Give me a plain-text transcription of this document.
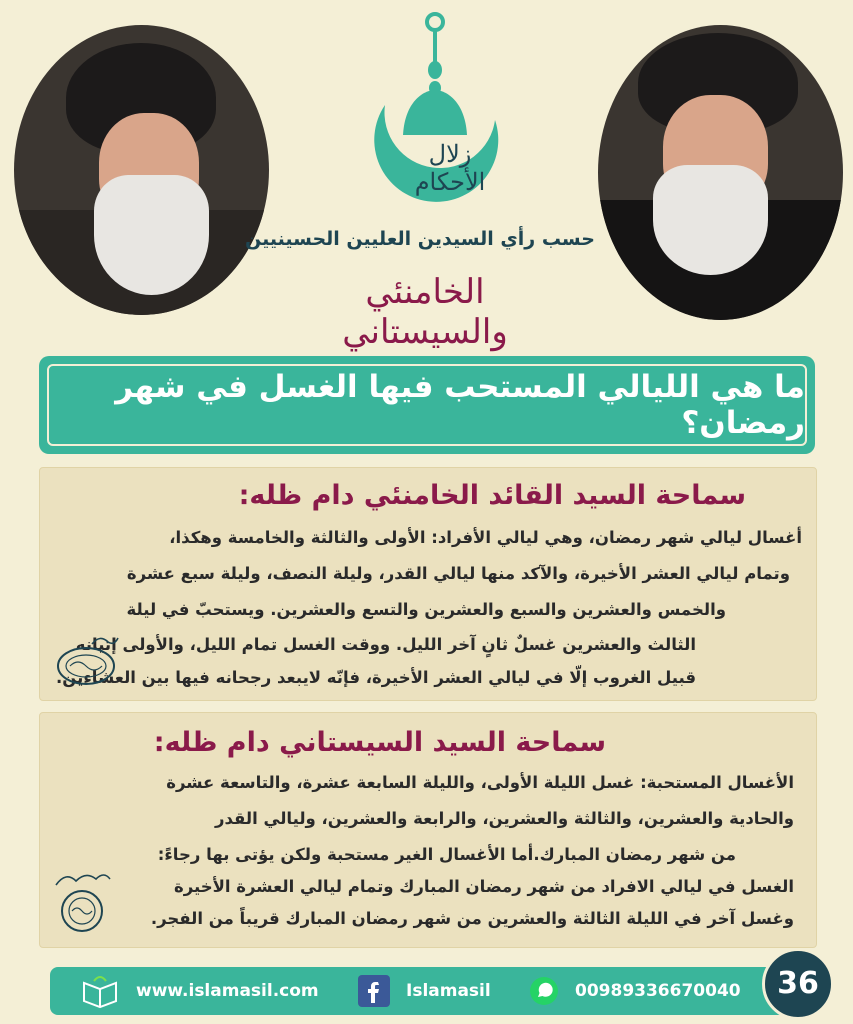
زلال الأحكام
حسب رأي السيدين العليين الحسينيين
الخامنئي والسيستاني
ما هي الليالي المستحب فيها الغسل في شهر رمضان؟
سماحة السيد القائد الخامنئي دام ظله:
أغسال ليالي شهر رمضان، وهي ليالي الأفراد: الأولى والثالثة والخامسة وهكذا،
وتمام ليالي العشر الأخيرة، والآكد منها ليالي القدر، وليلة النصف، وليلة سبع عشرة
والخمس والعشرين والسبع والعشرين والتسع والعشرين. ويستحبّ في ليلة
الثالث والعشرين غسلٌ ثانٍ آخر الليل. ووقت الغسل تمام الليل، والأولى إتيانه
قبيل الغروب إلّا في ليالي العشر الأخيرة، فإنّه لايبعد رجحانه فيها بين العشاءين.
سماحة السيد السيستاني دام ظله:
الأغسال المستحبة: غسل الليلة الأولى، والليلة السابعة عشرة، والتاسعة عشرة
والحادية والعشرين، والثالثة والعشرين، والرابعة والعشرين، وليالي القدر
من شهر رمضان المبارك.أما الأغسال الغير مستحبة ولكن يؤتى بها رجاءً:
الغسل في ليالي الافراد من شهر رمضان المبارك وتمام ليالي العشرة الأخيرة
وغسل آخر في الليلة الثالثة والعشرين من شهر رمضان المبارك قريباً من الفجر.
www.islamasil.com	Islamasil	00989336670040	36
